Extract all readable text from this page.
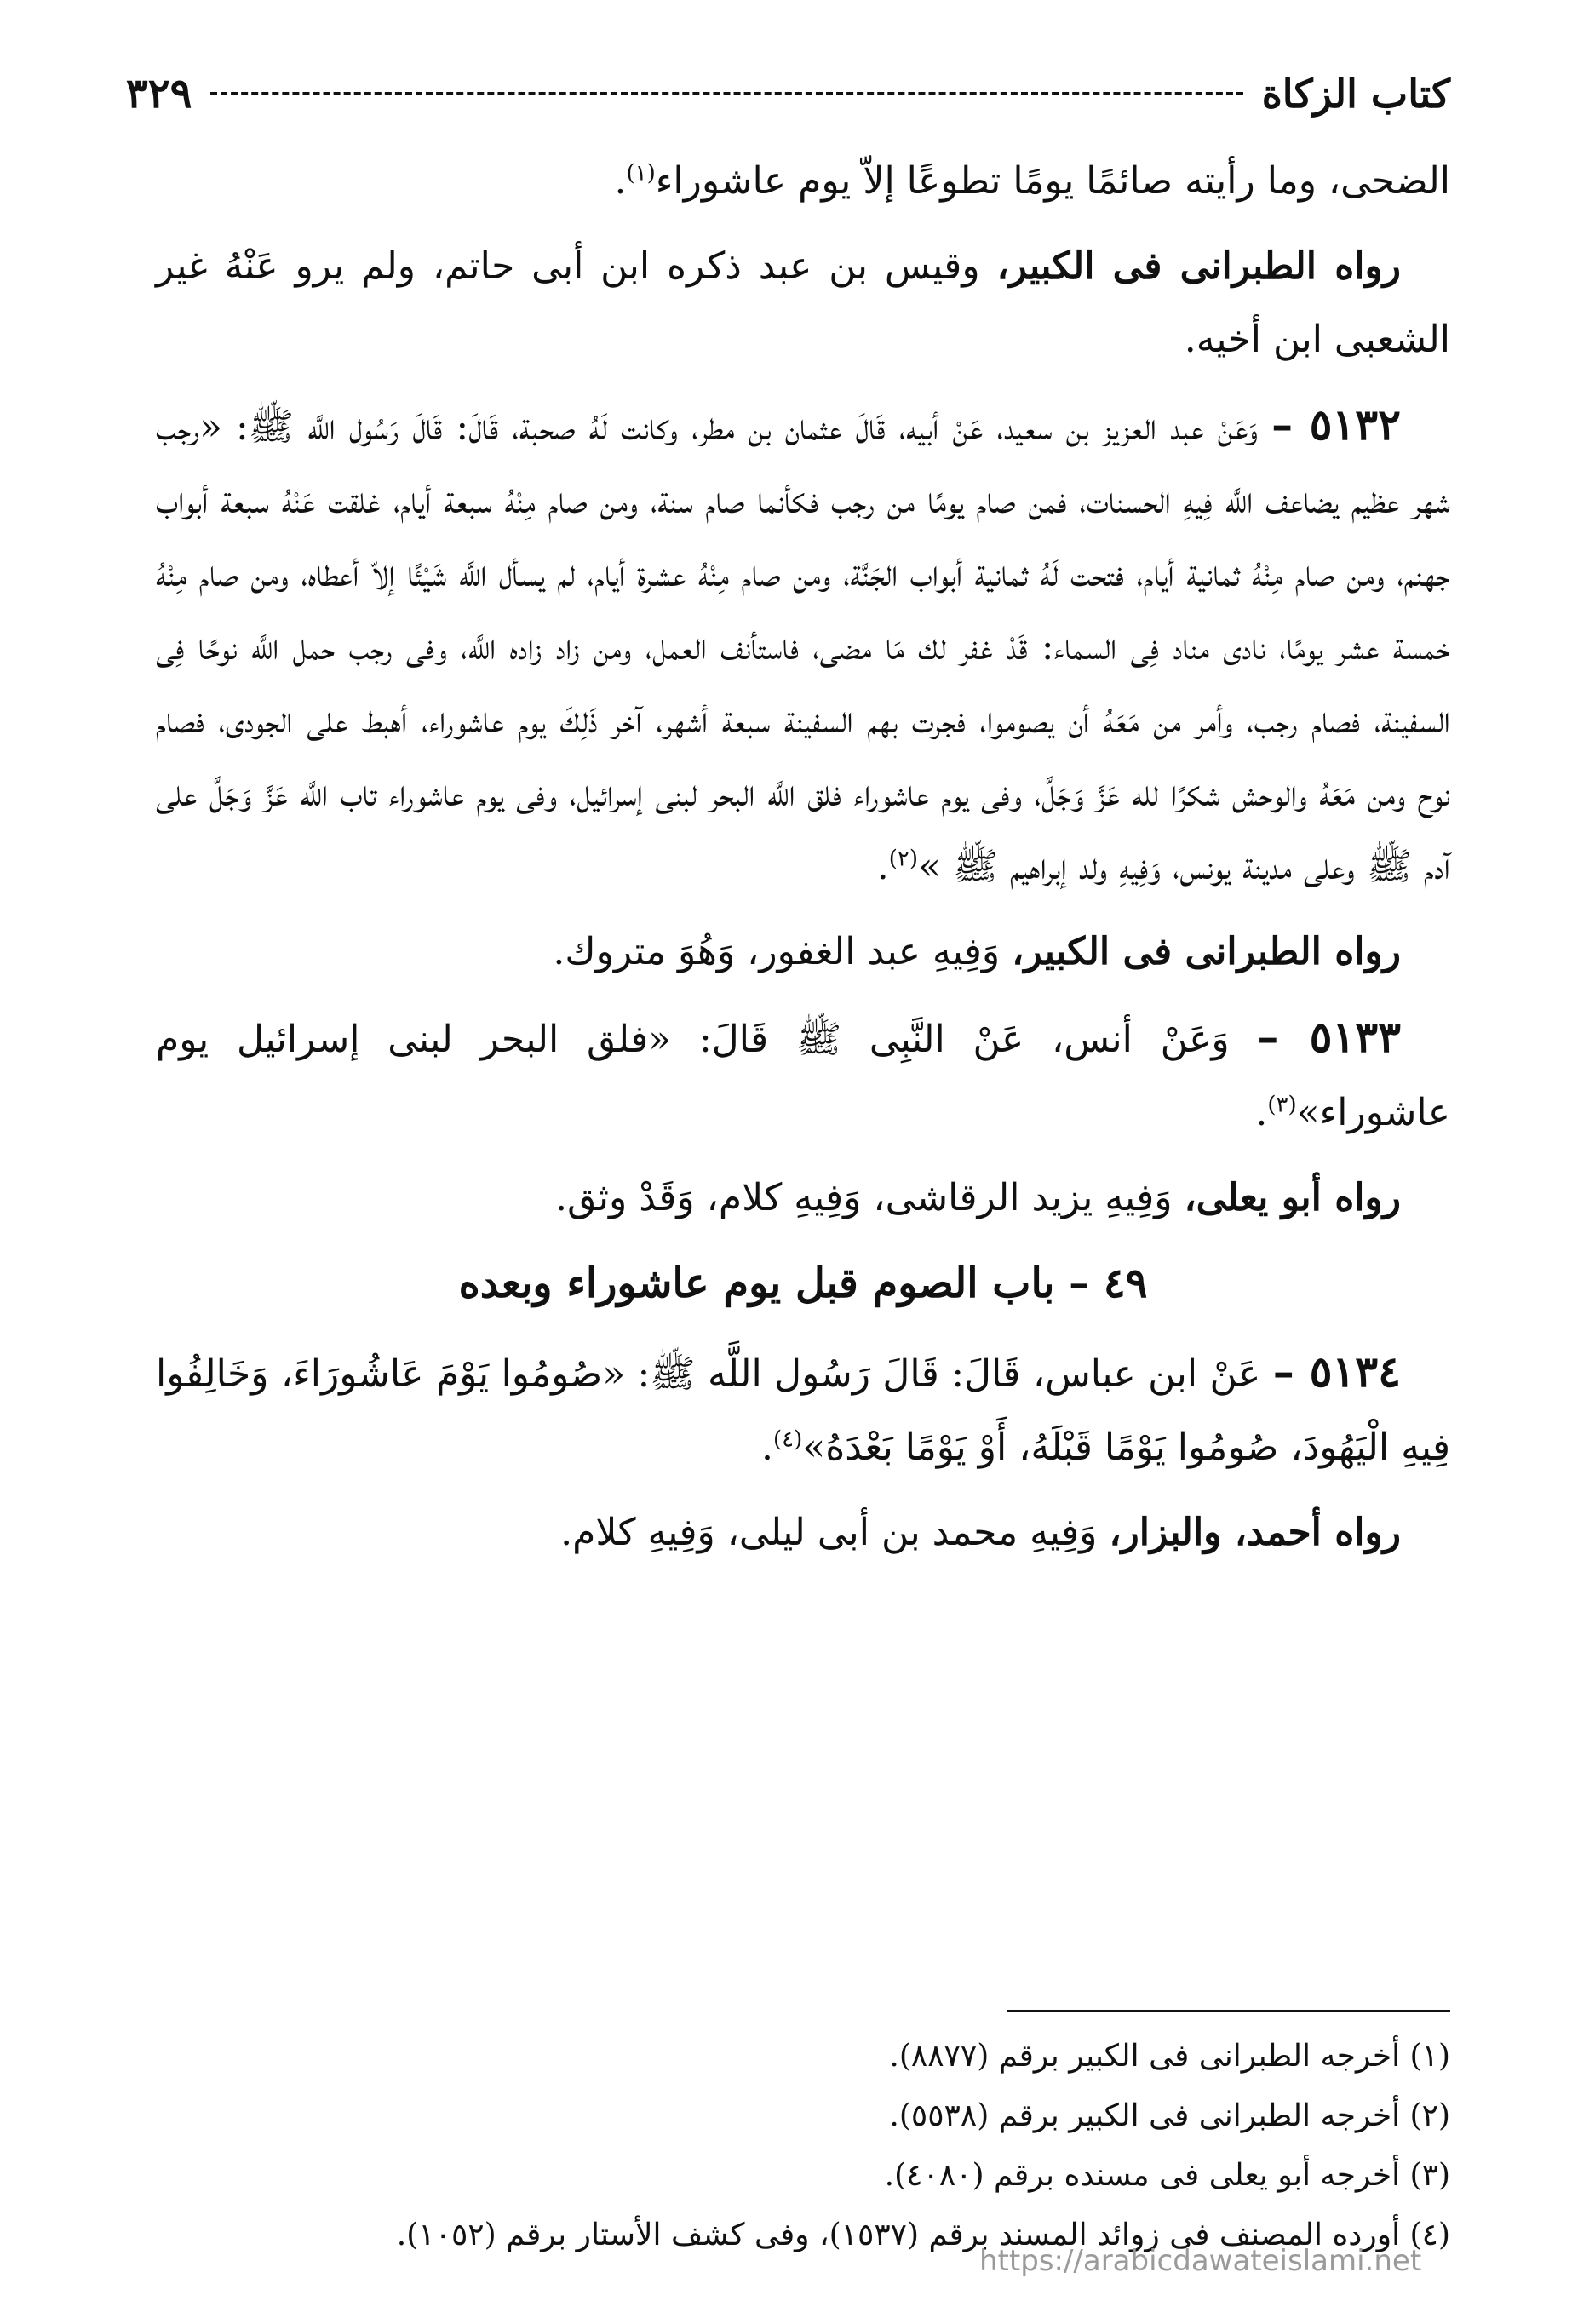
كتاب الزكاة
٣٢٩

الضحى، وما رأيته صائمًا يومًا تطوعًا إلاّ يوم عاشوراء$^{(١)}$.

رواه الطبرانى فى الكبير، وقيس بن عبد ذكره ابن أبى حاتم، ولم يرو عَنْهُ غير الشعبى ابن أخيه.

٥١٣٢ – وَعَنْ عبد العزيز بن سعيد، عَنْ أبيه، قَالَ عثمان بن مطر، وكانت لَهُ صحبة، قَالَ: قَالَ رَسُول اللَّه ﷺ: «رجب شهر عظيم يضاعف اللَّه فِيهِ الحسنات، فمن صام يومًا من رجب فكأنما صام سنة، ومن صام مِنْهُ سبعة أيام، غلقت عَنْهُ سبعة أبواب جهنم، ومن صام مِنْهُ ثمانية أيام، فتحت لَهُ ثمانية أبواب الجَنَّة، ومن صام مِنْهُ عشرة أيام، لم يسأل اللَّه شَيْئًا إلاّ أعطاه، ومن صام مِنْهُ خمسة عشر يومًا، نادى مناد فِى السماء: قَدْ غفر لك مَا مضى، فاستأنف العمل، ومن زاد زاده اللَّه، وفى رجب حمل اللَّه نوحًا فِى السفينة، فصام رجب، وأمر من مَعَهُ أن يصوموا، فجرت بهم السفينة سبعة أشهر، آخر ذَلِكَ يوم عاشوراء، أهبط على الجودى، فصام نوح ومن مَعَهُ والوحش شكرًا لله عَزَّ وَجَلَّ، وفى يوم عاشوراء فلق اللَّه البحر لبنى إسرائيل، وفى يوم عاشوراء تاب اللَّه عَزَّ وَجَلَّ على آدم ﷺ وعلى مدينة يونس، وَفِيهِ ولد إبراهيم ﷺ »$^{(٢)}$.

رواه الطبرانى فى الكبير، وَفِيهِ عبد الغفور، وَهُوَ متروك.

٥١٣٣ – وَعَنْ أنس، عَنْ النَّبِى ﷺ قَالَ: «فلق البحر لبنى إسرائيل يوم عاشوراء»$^{(٣)}$.

رواه أبو يعلى، وَفِيهِ يزيد الرقاشى، وَفِيهِ كلام، وَقَدْ وثق.

٤٩ – باب الصوم قبل يوم عاشوراء وبعده

٥١٣٤ – عَنْ ابن عباس، قَالَ: قَالَ رَسُول اللَّه ﷺ: «صُومُوا يَوْمَ عَاشُورَاءَ، وَخَالِفُوا فِيهِ الْيَهُودَ، صُومُوا يَوْمًا قَبْلَهُ، أَوْ يَوْمًا بَعْدَهُ»$^{(٤)}$.

رواه أحمد، والبزار، وَفِيهِ محمد بن أبى ليلى، وَفِيهِ كلام.

(١) أخرجه الطبرانى فى الكبير برقم (٨٨٧٧).

(٢) أخرجه الطبرانى فى الكبير برقم (٥٥٣٨).

(٣) أخرجه أبو يعلى فى مسنده برقم (٤٠٨٠).

(٤) أورده المصنف فى زوائد المسند برقم (١٥٣٧)، وفى كشف الأستار برقم (١٠٥٢).

https://arabicdawateislami.net
